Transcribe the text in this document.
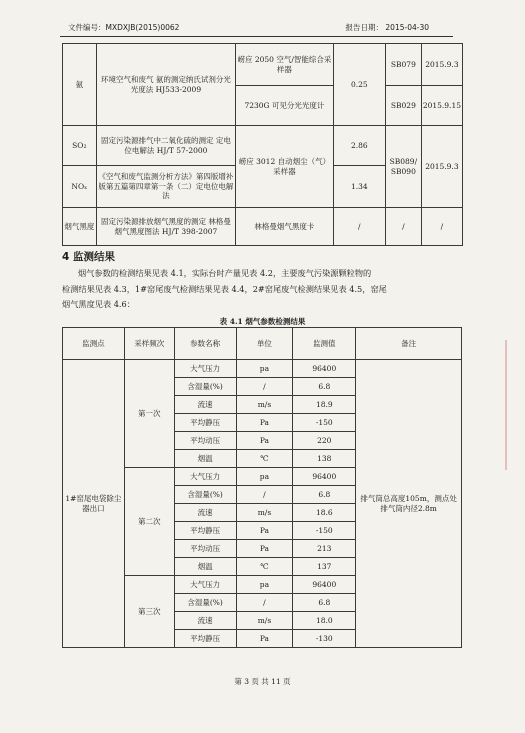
文件编号：MXDXJB(2015)0062	报告日期： 2015-04-30
氨	环境空气和废气 氨的测定纳氏试剂分光光度法 HJ533-2009	崂应 2050 空气/智能综合采样器	0.25	SB079	2015.9.3
		7230G 可见分光光度计		SB029	2015.9.15
SO₂	固定污染源排气中二氧化硫的测定 定电位电解法 HJ/T 57-2000	崂应 3012 自动烟尘（气）采样器	2.86	SB089/ SB090	2015.9.3
NOₓ	《空气和废气监测分析方法》第四版增补版第五篇第四章第一条（二）定电位电解法		1.34		
烟气黑度	固定污染源排放烟气黑度的测定 林格曼烟气黑度图法 HJ/T 398-2007	林格曼烟气黑度卡	/	/	/
4 监测结果
烟气参数的检测结果见表 4.1，实际台时产量见表 4.2，主要废气污染源颗粒物的
检测结果见表 4.3，1#窑尾废气检测结果见表 4.4，2#窑尾废气检测结果见表 4.5，窑尾
烟气黑度见表 4.6：
表 4.1 烟气参数检测结果
监测点	采样频次	参数名称	单位	监测值	备注
1#窑尾电袋除尘器出口	第一次	大气压力	pa	96400	排气筒总高度105m，测点处排气筒内径2.8m
		含湿量(%)	/	6.8	
		流速	m/s	18.9	
		平均静压	Pa	-150	
		平均动压	Pa	220	
		烟温	℃	138	
	第二次	大气压力	pa	96400	
		含湿量(%)	/	6.8	
		流速	m/s	18.6	
		平均静压	Pa	-150	
		平均动压	Pa	213	
		烟温	℃	137	
	第三次	大气压力	pa	96400	
		含湿量(%)	/	6.8	
		流速	m/s	18.0	
		平均静压	Pa	-130	
第 3 页 共 11 页
